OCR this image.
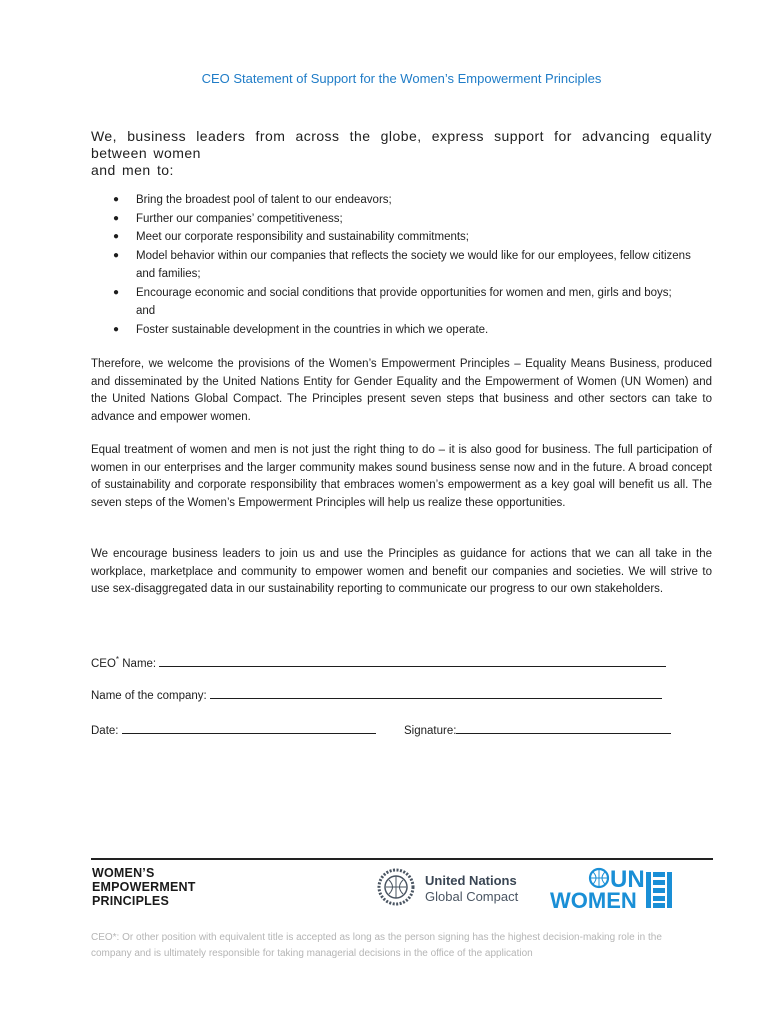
CEO Statement of Support for the Women’s Empowerment Principles
We, business leaders from across the globe, express support for advancing equality
between women
and men to:
● Bring the broadest pool of talent to our endeavors;
● Further our companies’ competitiveness;
● Meet our corporate responsibility and sustainability commitments;
● Model behavior within our companies that reflects the society we would like for our employees, fellow citizens and families;
● Encourage economic and social conditions that provide opportunities for women and men, girls and boys; and
● Foster sustainable development in the countries in which we operate.

Therefore, we welcome the provisions of the Women’s Empowerment Principles – Equality Means Business, produced and disseminated by the United Nations Entity for Gender Equality and the Empowerment of Women (UN Women) and the United Nations Global Compact. The Principles present seven steps that business and other sectors can take to advance and empower women.

Equal treatment of women and men is not just the right thing to do – it is also good for business. The full participation of women in our enterprises and the larger community makes sound business sense now and in the future. A broad concept of sustainability and corporate responsibility that embraces women’s empowerment as a key goal will benefit us all. The seven steps of the Women’s Empowerment Principles will help us realize these opportunities.

We encourage business leaders to join us and use the Principles as guidance for actions that we can all take in the workplace, marketplace and community to empower women and benefit our companies and societies. We will strive to use sex-disaggregated data in our sustainability reporting to communicate our progress to our own stakeholders.

CEO* Name:
Name of the company:
Date:	Signature:
WOMEN’S
EMPOWERMENT
PRINCIPLES
United Nations
Global Compact
UN
WOMEN
CEO*: Or other position with equivalent title is accepted as long as the person signing has the highest decision-making role in the company and is ultimately responsible for taking managerial decisions in the office of the application
